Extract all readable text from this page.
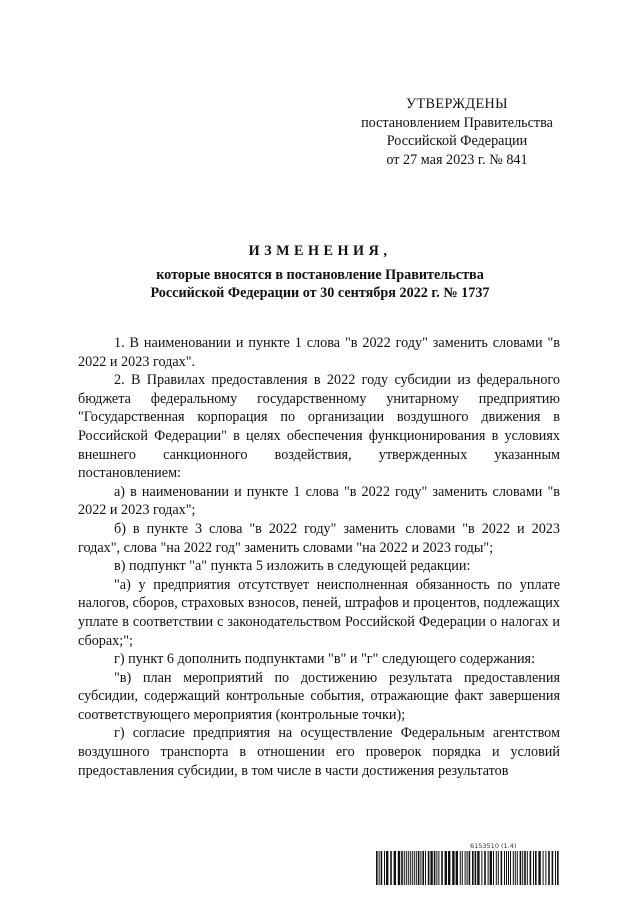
УТВЕРЖДЕНЫ
постановлением Правительства
Российской Федерации
от 27 мая 2023 г. № 841
ИЗМЕНЕНИЯ,
которые вносятся в постановление Правительства
Российской Федерации от 30 сентября 2022 г. № 1737

1. В наименовании и пункте 1 слова "в 2022 году" заменить словами "в 2022 и 2023 годах".

2. В Правилах предоставления в 2022 году субсидии из федерального бюджета федеральному государственному унитарному предприятию "Государственная корпорация по организации воздушного движения в Российской Федерации" в целях обеспечения функционирования в условиях внешнего санкционного воздействия, утвержденных указанным постановлением:

а) в наименовании и пункте 1 слова "в 2022 году" заменить словами "в 2022 и 2023 годах";

б) в пункте 3 слова "в 2022 году" заменить словами "в 2022 и 2023 годах", слова "на 2022 год" заменить словами "на 2022 и 2023 годы";

в) подпункт "а" пункта 5 изложить в следующей редакции:

"а) у предприятия отсутствует неисполненная обязанность по уплате налогов, сборов, страховых взносов, пеней, штрафов и процентов, подлежащих уплате в соответствии с законодательством Российской Федерации о налогах и сборах;";

г) пункт 6 дополнить подпунктами "в" и "г" следующего содержания:

"в) план мероприятий по достижению результата предоставления субсидии, содержащий контрольные события, отражающие факт завершения соответствующего мероприятия (контрольные точки);

г) согласие предприятия на осуществление Федеральным агентством воздушного транспорта в отношении его проверок порядка и условий предоставления субсидии, в том числе в части достижения результатов

6153510 (1.4)
